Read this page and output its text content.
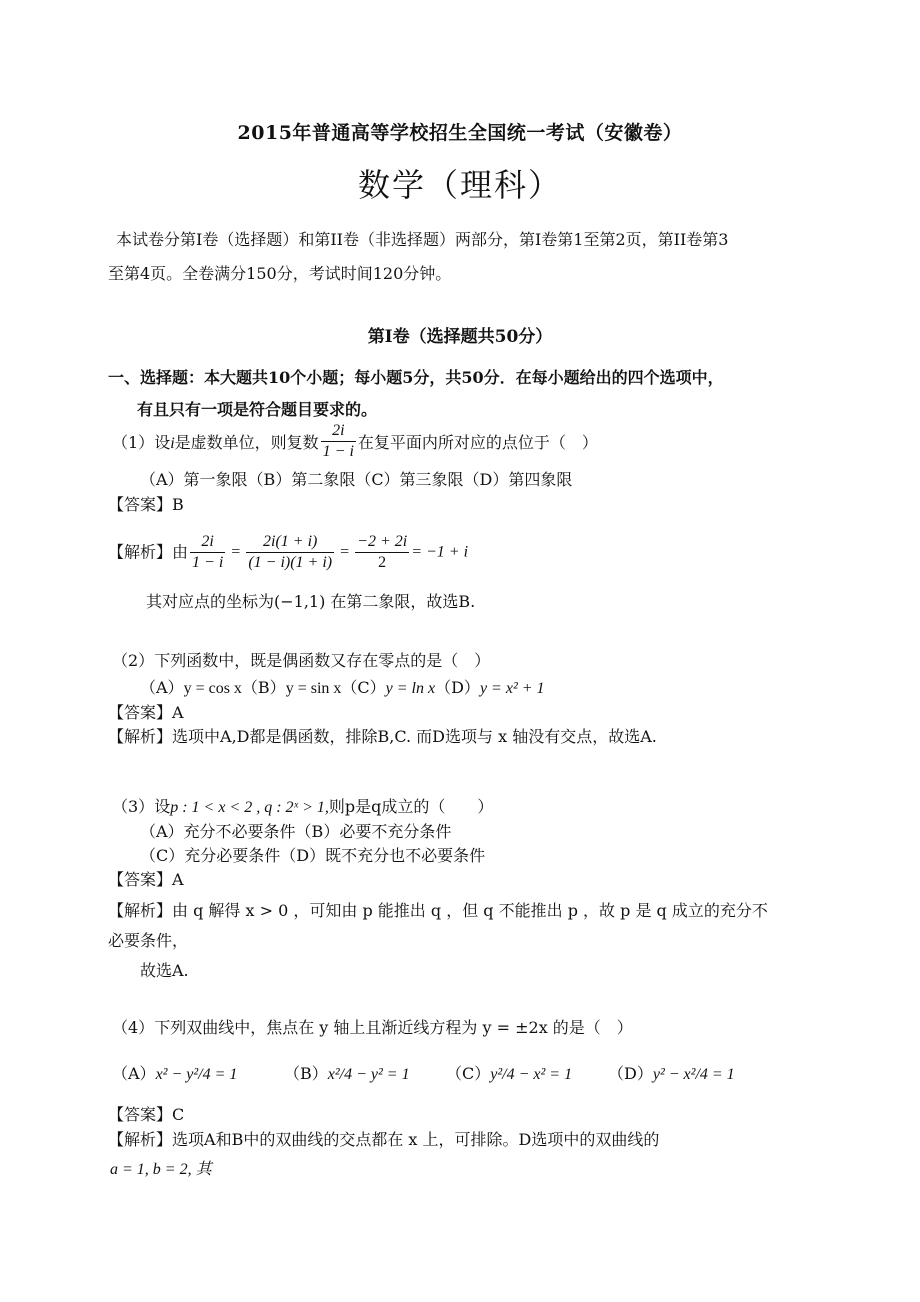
2015年普通高等学校招生全国统一考试（安徽卷）
数学（理科）
本试卷分第I卷（选择题）和第II卷（非选择题）两部分，第I卷第1至第2页，第II卷第3
至第4页。全卷满分150分，考试时间120分钟。
第I卷（选择题共50分）
一、选择题：本大题共10个小题；每小题5分，共50分．在每小题给出的四个选项中，
有且只有一项是符合题目要求的。
（1）设i是虚数单位，则复数 $\frac{2i}{1 - i}$ 在复平面内所对应的点位于（　）
（A）第一象限（B）第二象限（C）第三象限（D）第四象限
【答案】B
【解析】由 $\frac{2i}{1 - i} = \frac{2i(1 + i)}{(1 - i)(1 + i)} = \frac{-2 + 2i}{2} = -1 + i$
其对应点的坐标为(−1,1) 在第二象限，故选B.
（2）下列函数中，既是偶函数又存在零点的是（　）
（A）y = cos x（B）y = sin x（C）y = ln x（D）y = x² + 1
【答案】A
【解析】选项中A,D都是偶函数，排除B,C. 而D选项与 x 轴没有交点，故选A.
（3）设p : 1 < x < 2 , q : 2ˣ > 1,则p是q成立的（　　）
（A）充分不必要条件（B）必要不充分条件
（C）充分必要条件（D）既不充分也不必要条件
【答案】A
【解析】由 q 解得 x > 0 ，可知由 p 能推出 q ，但 q 不能推出 p ，故 p 是 q 成立的充分不
必要条件，
故选A.
（4）下列双曲线中，焦点在 y 轴上且渐近线方程为 y = ±2x 的是（　）
（A）x² − y²/4 = 1	（B）x²/4 − y² = 1 （C）y²/4 − x² = 1 （D）y² − x²/4 = 1
【答案】C
【解析】选项A和B中的双曲线的交点都在 x 上，可排除。D选项中的双曲线的
a = 1, b = 2, 其
